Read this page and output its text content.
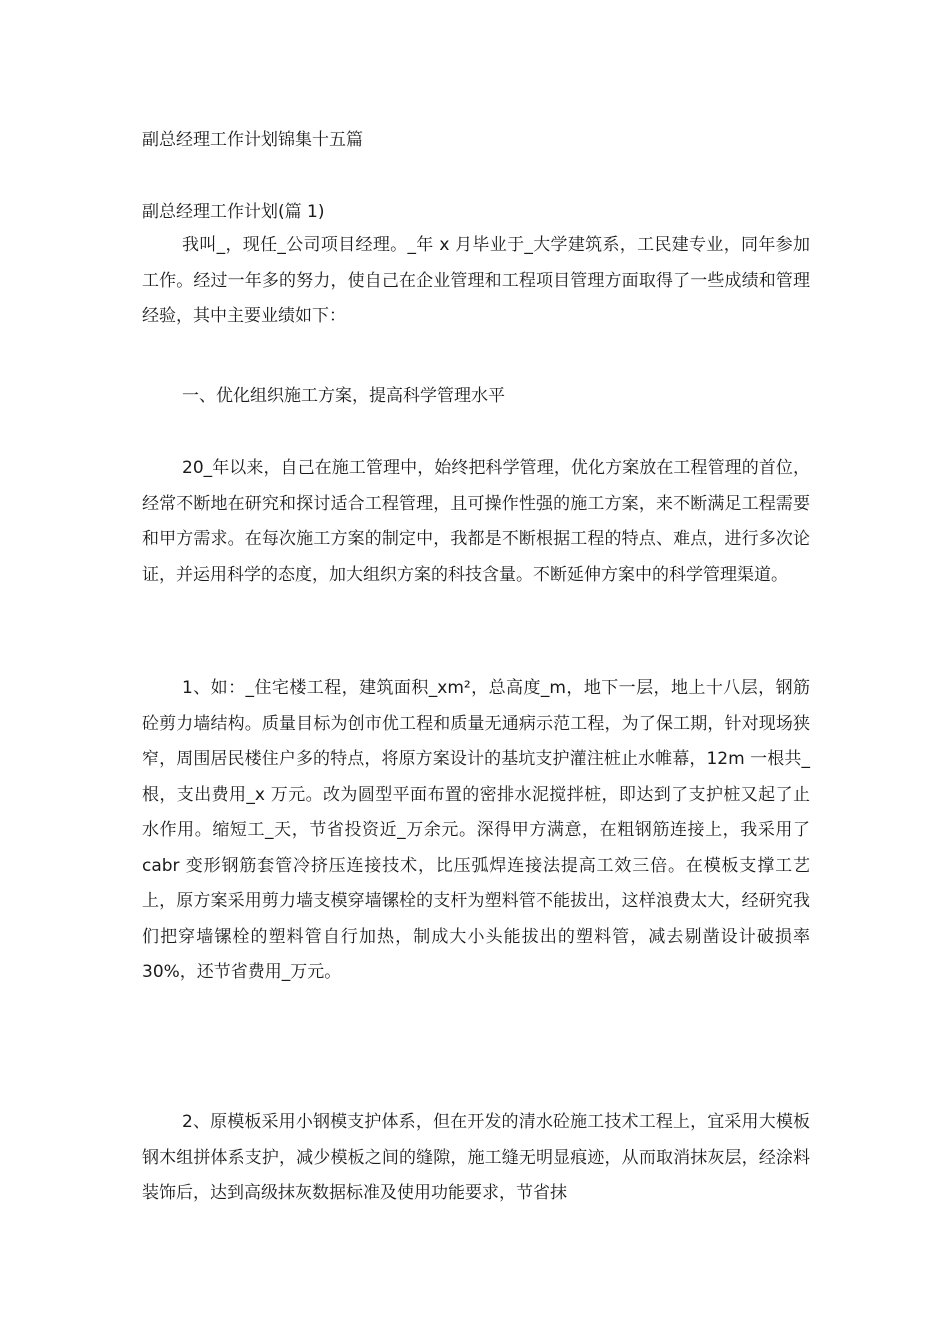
副总经理工作计划锦集十五篇
副总经理工作计划(篇 1)

我叫_，现任_公司项目经理。_年 x 月毕业于_大学建筑系，工民建专业，同年参加工作。经过一年多的努力，使自己在企业管理和工程项目管理方面取得了一些成绩和管理经验，其中主要业绩如下：

一、优化组织施工方案，提高科学管理水平

20_年以来，自己在施工管理中，始终把科学管理，优化方案放在工程管理的首位，经常不断地在研究和探讨适合工程管理，且可操作性强的施工方案，来不断满足工程需要和甲方需求。在每次施工方案的制定中，我都是不断根据工程的特点、难点，进行多次论证，并运用科学的态度，加大组织方案的科技含量。不断延伸方案中的科学管理渠道。

1、如：_住宅楼工程，建筑面积_xm²，总高度_m，地下一层，地上十八层，钢筋砼剪力墙结构。质量目标为创市优工程和质量无通病示范工程，为了保工期，针对现场狭窄，周围居民楼住户多的特点，将原方案设计的基坑支护灌注桩止水帷幕，12m 一根共_根，支出费用_x 万元。改为圆型平面布置的密排水泥搅拌桩，即达到了支护桩又起了止水作用。缩短工_天，节省投资近_万余元。深得甲方满意，在粗钢筋连接上，我采用了 cabr 变形钢筋套管冷挤压连接技术，比压弧焊连接法提高工效三倍。在模板支撑工艺上，原方案采用剪力墙支模穿墙镙栓的支杆为塑料管不能拔出，这样浪费太大，经研究我们把穿墙镙栓的塑料管自行加热，制成大小头能拔出的塑料管，减去剔凿设计破损率 30%，还节省费用_万元。

2、原模板采用小钢模支护体系，但在开发的清水砼施工技术工程上，宜采用大模板钢木组拼体系支护，减少模板之间的缝隙，施工缝无明显痕迹，从而取消抹灰层，经涂料装饰后，达到高级抹灰数据标准及使用功能要求，节省抹
